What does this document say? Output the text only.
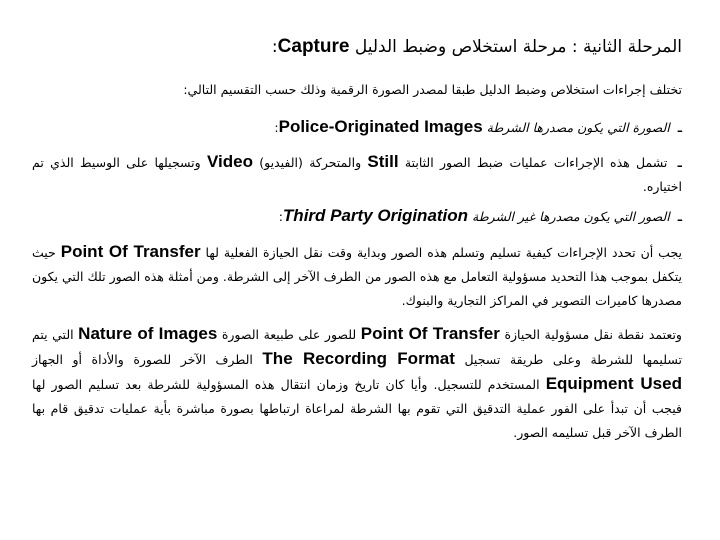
المرحلة الثانية : مرحلة استخلاص وضبط الدليل Capture:
تختلف إجراءات استخلاص وضبط الدليل طبقا لمصدر الصورة الرقمية وذلك حسب التقسيم التالي:
ـ الصورة التي يكون مصدرها الشرطة Police-Originated Images:
ـ تشمل هذه الإجراءات عمليات ضبط الصور الثابتة Still والمتحركة (الفيديو) Video وتسجيلها على الوسيط الذي تم اختياره.
ـ الصور التي يكون مصدرها غير الشرطة Third Party Origination:
يجب أن تحدد الإجراءات كيفية تسليم وتسلم هذه الصور وبداية وقت نقل الحيازة الفعلية لها Point Of Transfer حيث يتكفل بموجب هذا التحديد مسؤولية التعامل مع هذه الصور من الطرف الآخر إلى الشرطة. ومن أمثلة هذه الصور تلك التي يكون مصدرها كاميرات التصوير في المراكز التجارية والبنوك.
وتعتمد نقطة نقل مسؤولية الحيازة Point Of Transfer للصور على طبيعة الصورة Nature of Images التي يتم تسليمها للشرطة وعلى طريقة تسجيل The Recording Format الطرف الآخر للصورة والأداة أو الجهاز Equipment Used المستخدم للتسجيل. وأيا كان تاريخ وزمان انتقال هذه المسؤولية للشرطة بعد تسليم الصور لها فيجب أن تبدأ على الفور عملية التدقيق التي تقوم بها الشرطة لمراعاة ارتباطها بصورة مباشرة بأية عمليات تدقيق قام بها الطرف الآخر قبل تسليمه الصور.
